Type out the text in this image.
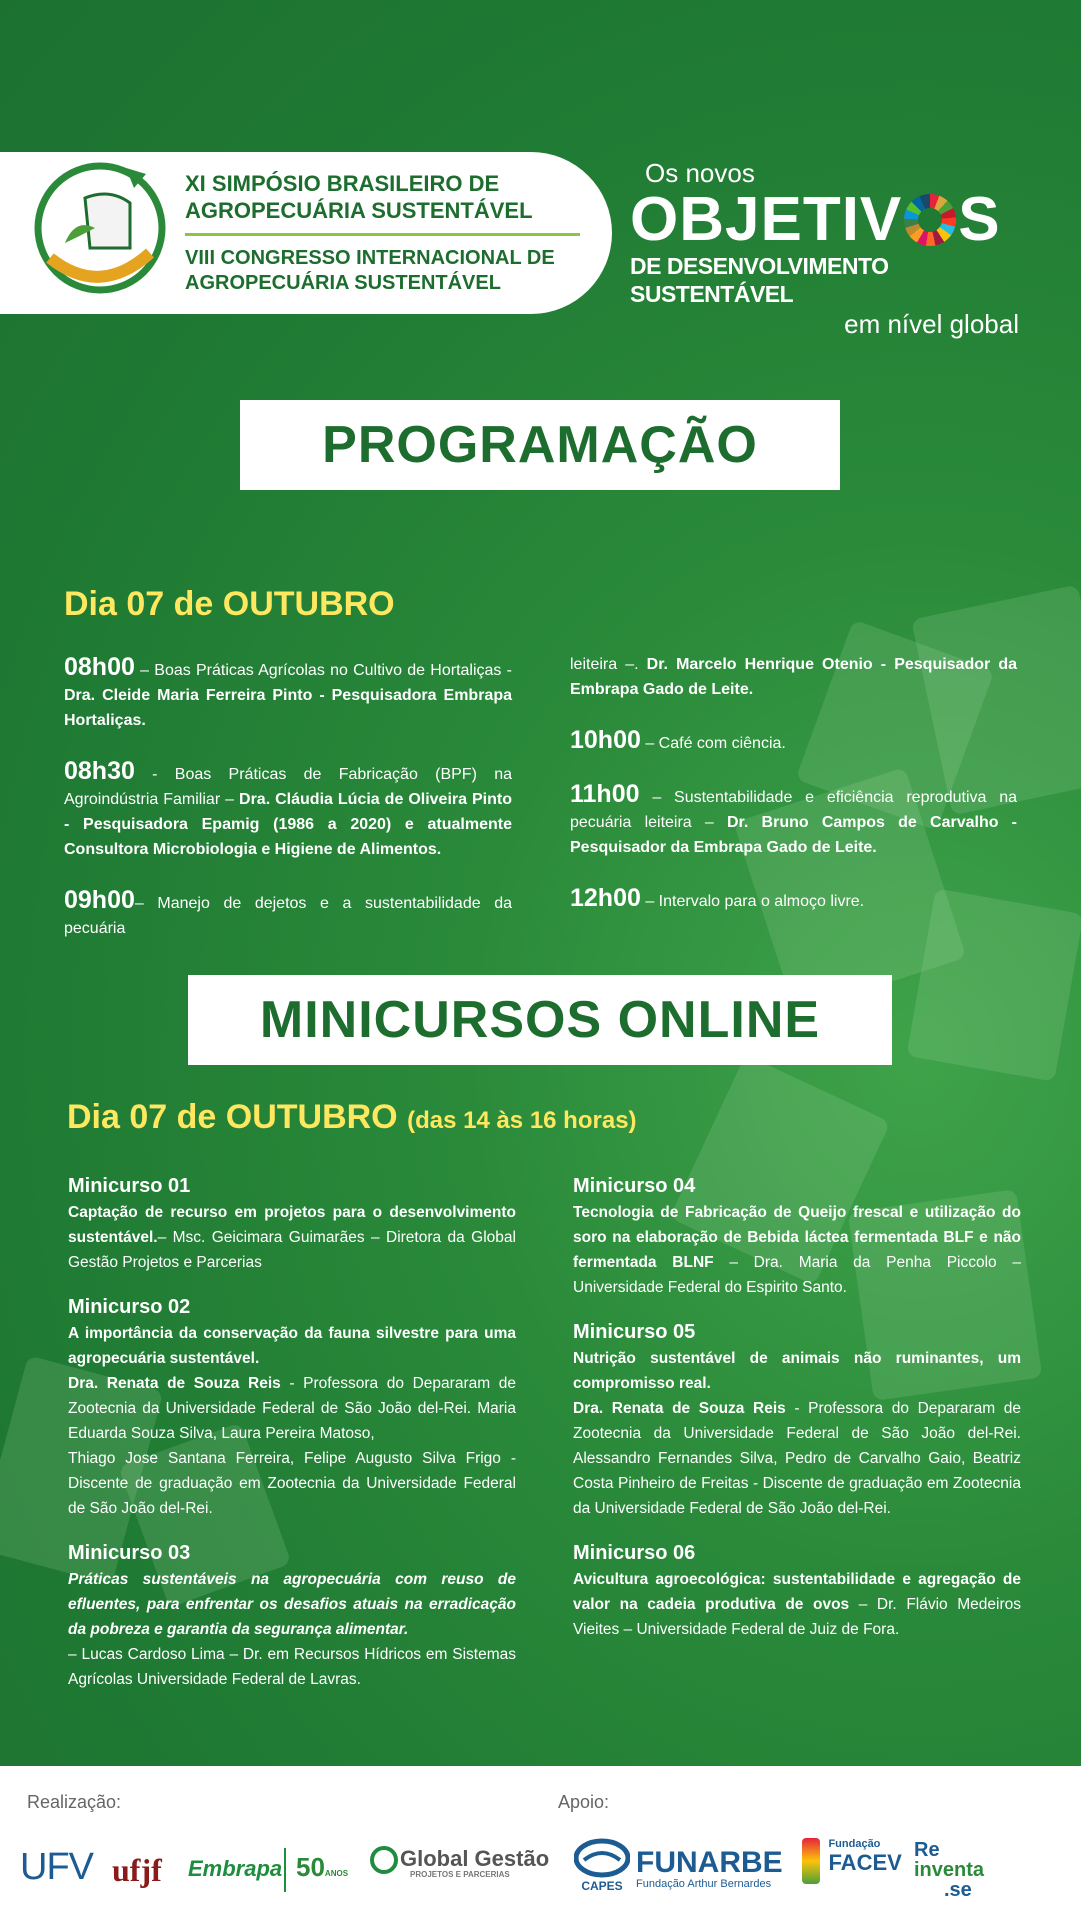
XI SIMPÓSIO BRASILEIRO DE
AGROPECUÁRIA SUSTENTÁVEL
VIII CONGRESSO INTERNACIONAL DE
AGROPECUÁRIA SUSTENTÁVEL
Os novos
OBJETIV S
DE DESENVOLVIMENTO SUSTENTÁVEL
em nível global
PROGRAMAÇÃO
Dia 07 de OUTUBRO
08h00 – Boas Práticas Agrícolas no Cultivo de Hortaliças - Dra. Cleide Maria Ferreira Pinto - Pesquisadora Embrapa Hortaliças.
08h30 - Boas Práticas de Fabricação (BPF) na Agroindústria Familiar – Dra. Cláudia Lúcia de Oliveira Pinto - Pesquisadora Epamig (1986 a 2020) e atualmente Consultora Microbiologia e Higiene de Alimentos.
09h00– Manejo de dejetos e a sustentabilidade da pecuária
leiteira –. Dr. Marcelo Henrique Otenio - Pesquisador da Embrapa Gado de Leite.
10h00 – Café com ciência.
11h00 – Sustentabilidade e eficiência reprodutiva na pecuária leiteira – Dr. Bruno Campos de Carvalho - Pesquisador da Embrapa Gado de Leite.
12h00 – Intervalo para o almoço livre.
MINICURSOS ONLINE
Dia 07 de OUTUBRO (das 14 às 16 horas)
Minicurso 01
Captação de recurso em projetos para o desenvolvimento sustentável.– Msc. Geicimara Guimarães – Diretora da Global Gestão Projetos e Parcerias
Minicurso 02
A importância da conservação da fauna silvestre para uma agropecuária sustentável.
Dra. Renata de Souza Reis - Professora do Depararam de Zootecnia da Universidade Federal de São João del-Rei. Maria Eduarda Souza Silva, Laura Pereira Matoso,
Thiago Jose Santana Ferreira, Felipe Augusto Silva Frigo - Discente de graduação em Zootecnia da Universidade Federal de São João del-Rei.
Minicurso 03
Práticas sustentáveis na agropecuária com reuso de efluentes, para enfrentar os desafios atuais na erradicação da pobreza e garantia da segurança alimentar.
– Lucas Cardoso Lima – Dr. em Recursos Hídricos em Sistemas Agrícolas Universidade Federal de Lavras.
Minicurso 04
Tecnologia de Fabricação de Queijo frescal e utilização do soro na elaboração de Bebida láctea fermentada BLF e não fermentada BLNF – Dra. Maria da Penha Piccolo – Universidade Federal do Espirito Santo.
Minicurso 05
Nutrição sustentável de animais não ruminantes, um compromisso real.
Dra. Renata de Souza Reis - Professora do Depararam de Zootecnia da Universidade Federal de São João del-Rei. Alessandro Fernandes Silva, Pedro de Carvalho Gaio, Beatriz Costa Pinheiro de Freitas - Discente de graduação em Zootecnia da Universidade Federal de São João del-Rei.
Minicurso 06
Avicultura agroecológica: sustentabilidade e agregação de valor na cadeia produtiva de ovos – Dr. Flávio Medeiros Vieites – Universidade Federal de Juiz de Fora.
Realização:	Apoio:
UFV ufjf Embrapa 50ANOS
Global Gestão
PROJETOS E PARCERIAS
CAPES
FUNARBE
Fundação Arthur Bernardes

Fundação
FACEV Re
inventa
.se
